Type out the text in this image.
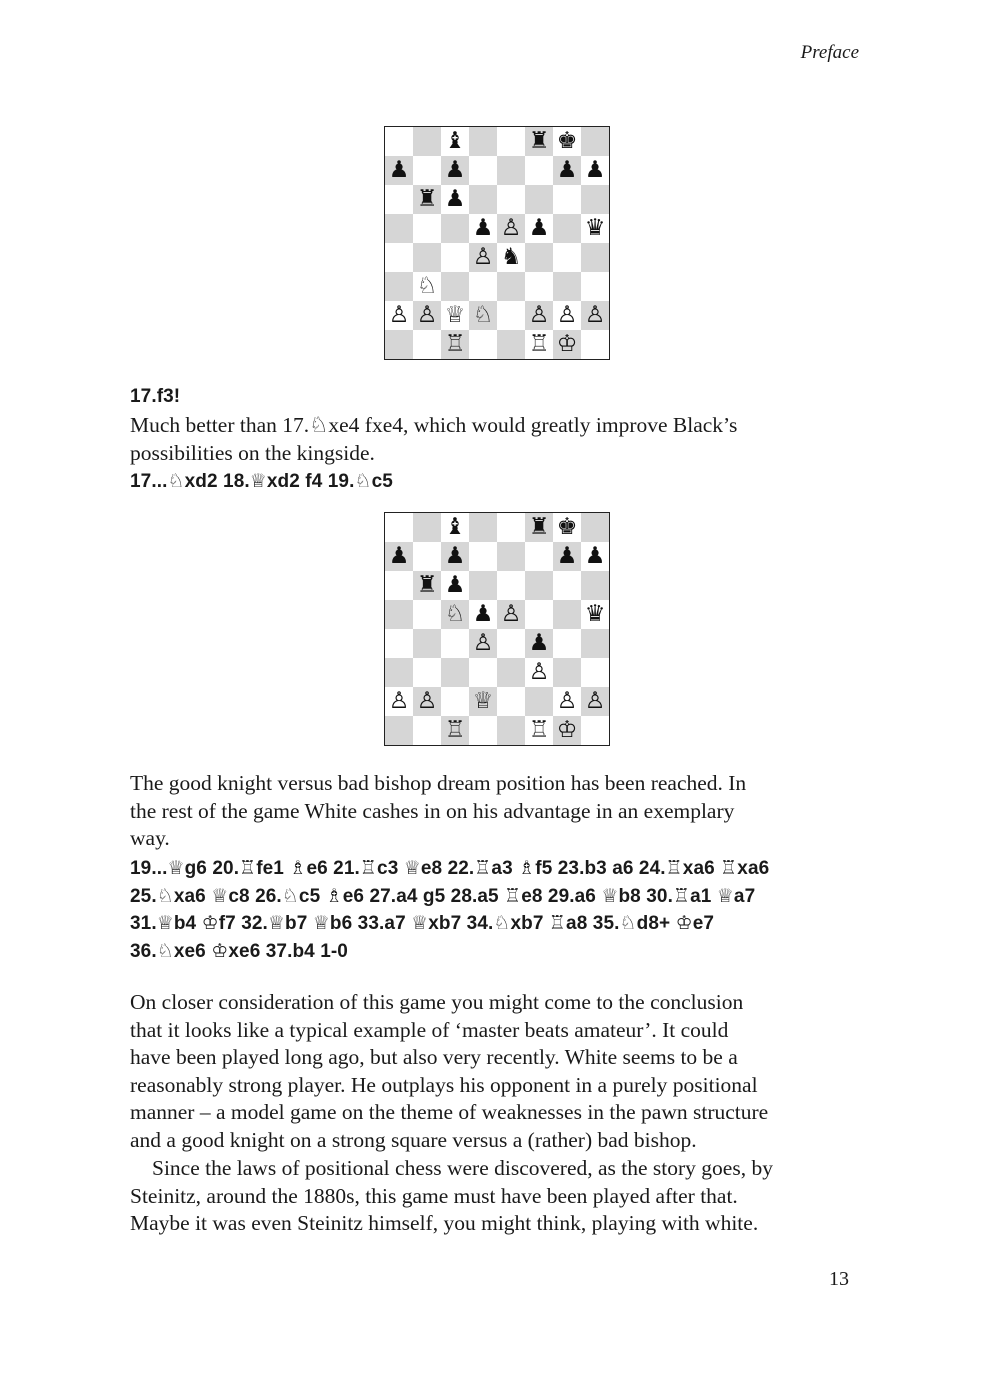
Preface
♝	♜ ♚
♟ ♟	♟ ♟
♜ ♟
♟ ♙ ♟ ♛
♙ ♞
♘
♙ ♙ ♕ ♘ ♙ ♙ ♙
♖	♖ ♔
17.f3!
Much better than 17.♘xe4 fxe4, which would greatly improve Black’s
possibilities on the kingside.
17...♘xd2 18.♕xd2 f4 19.♘c5
♝	♜ ♚
♟ ♟	♟ ♟
♜ ♟
♘ ♟ ♙	♛
♙ ♟
♙
♙ ♙ ♕	♙ ♙
♖	♖ ♔
The good knight versus bad bishop dream position has been reached. In
the rest of the game White cashes in on his advantage in an exemplary
way.
19...♕g6 20.♖fe1 ♗e6 21.♖c3 ♕e8 22.♖a3 ♗f5 23.b3 a6 24.♖xa6 ♖xa6
25.♘xa6 ♕c8 26.♘c5 ♗e6 27.a4 g5 28.a5 ♖e8 29.a6 ♕b8 30.♖a1 ♕a7
31.♕b4 ♔f7 32.♕b7 ♕b6 33.a7 ♕xb7 34.♘xb7 ♖a8 35.♘d8+ ♔e7
36.♘xe6 ♔xe6 37.b4 1-0
On closer consideration of this game you might come to the conclusion
that it looks like a typical example of ‘master beats amateur’. It could
have been played long ago, but also very recently. White seems to be a
reasonably strong player. He outplays his opponent in a purely positional
manner – a model game on the theme of weaknesses in the pawn structure
and a good knight on a strong square versus a (rather) bad bishop.
Since the laws of positional chess were discovered, as the story goes, by
Steinitz, around the 1880s, this game must have been played after that.
Maybe it was even Steinitz himself, you might think, playing with white.
13
